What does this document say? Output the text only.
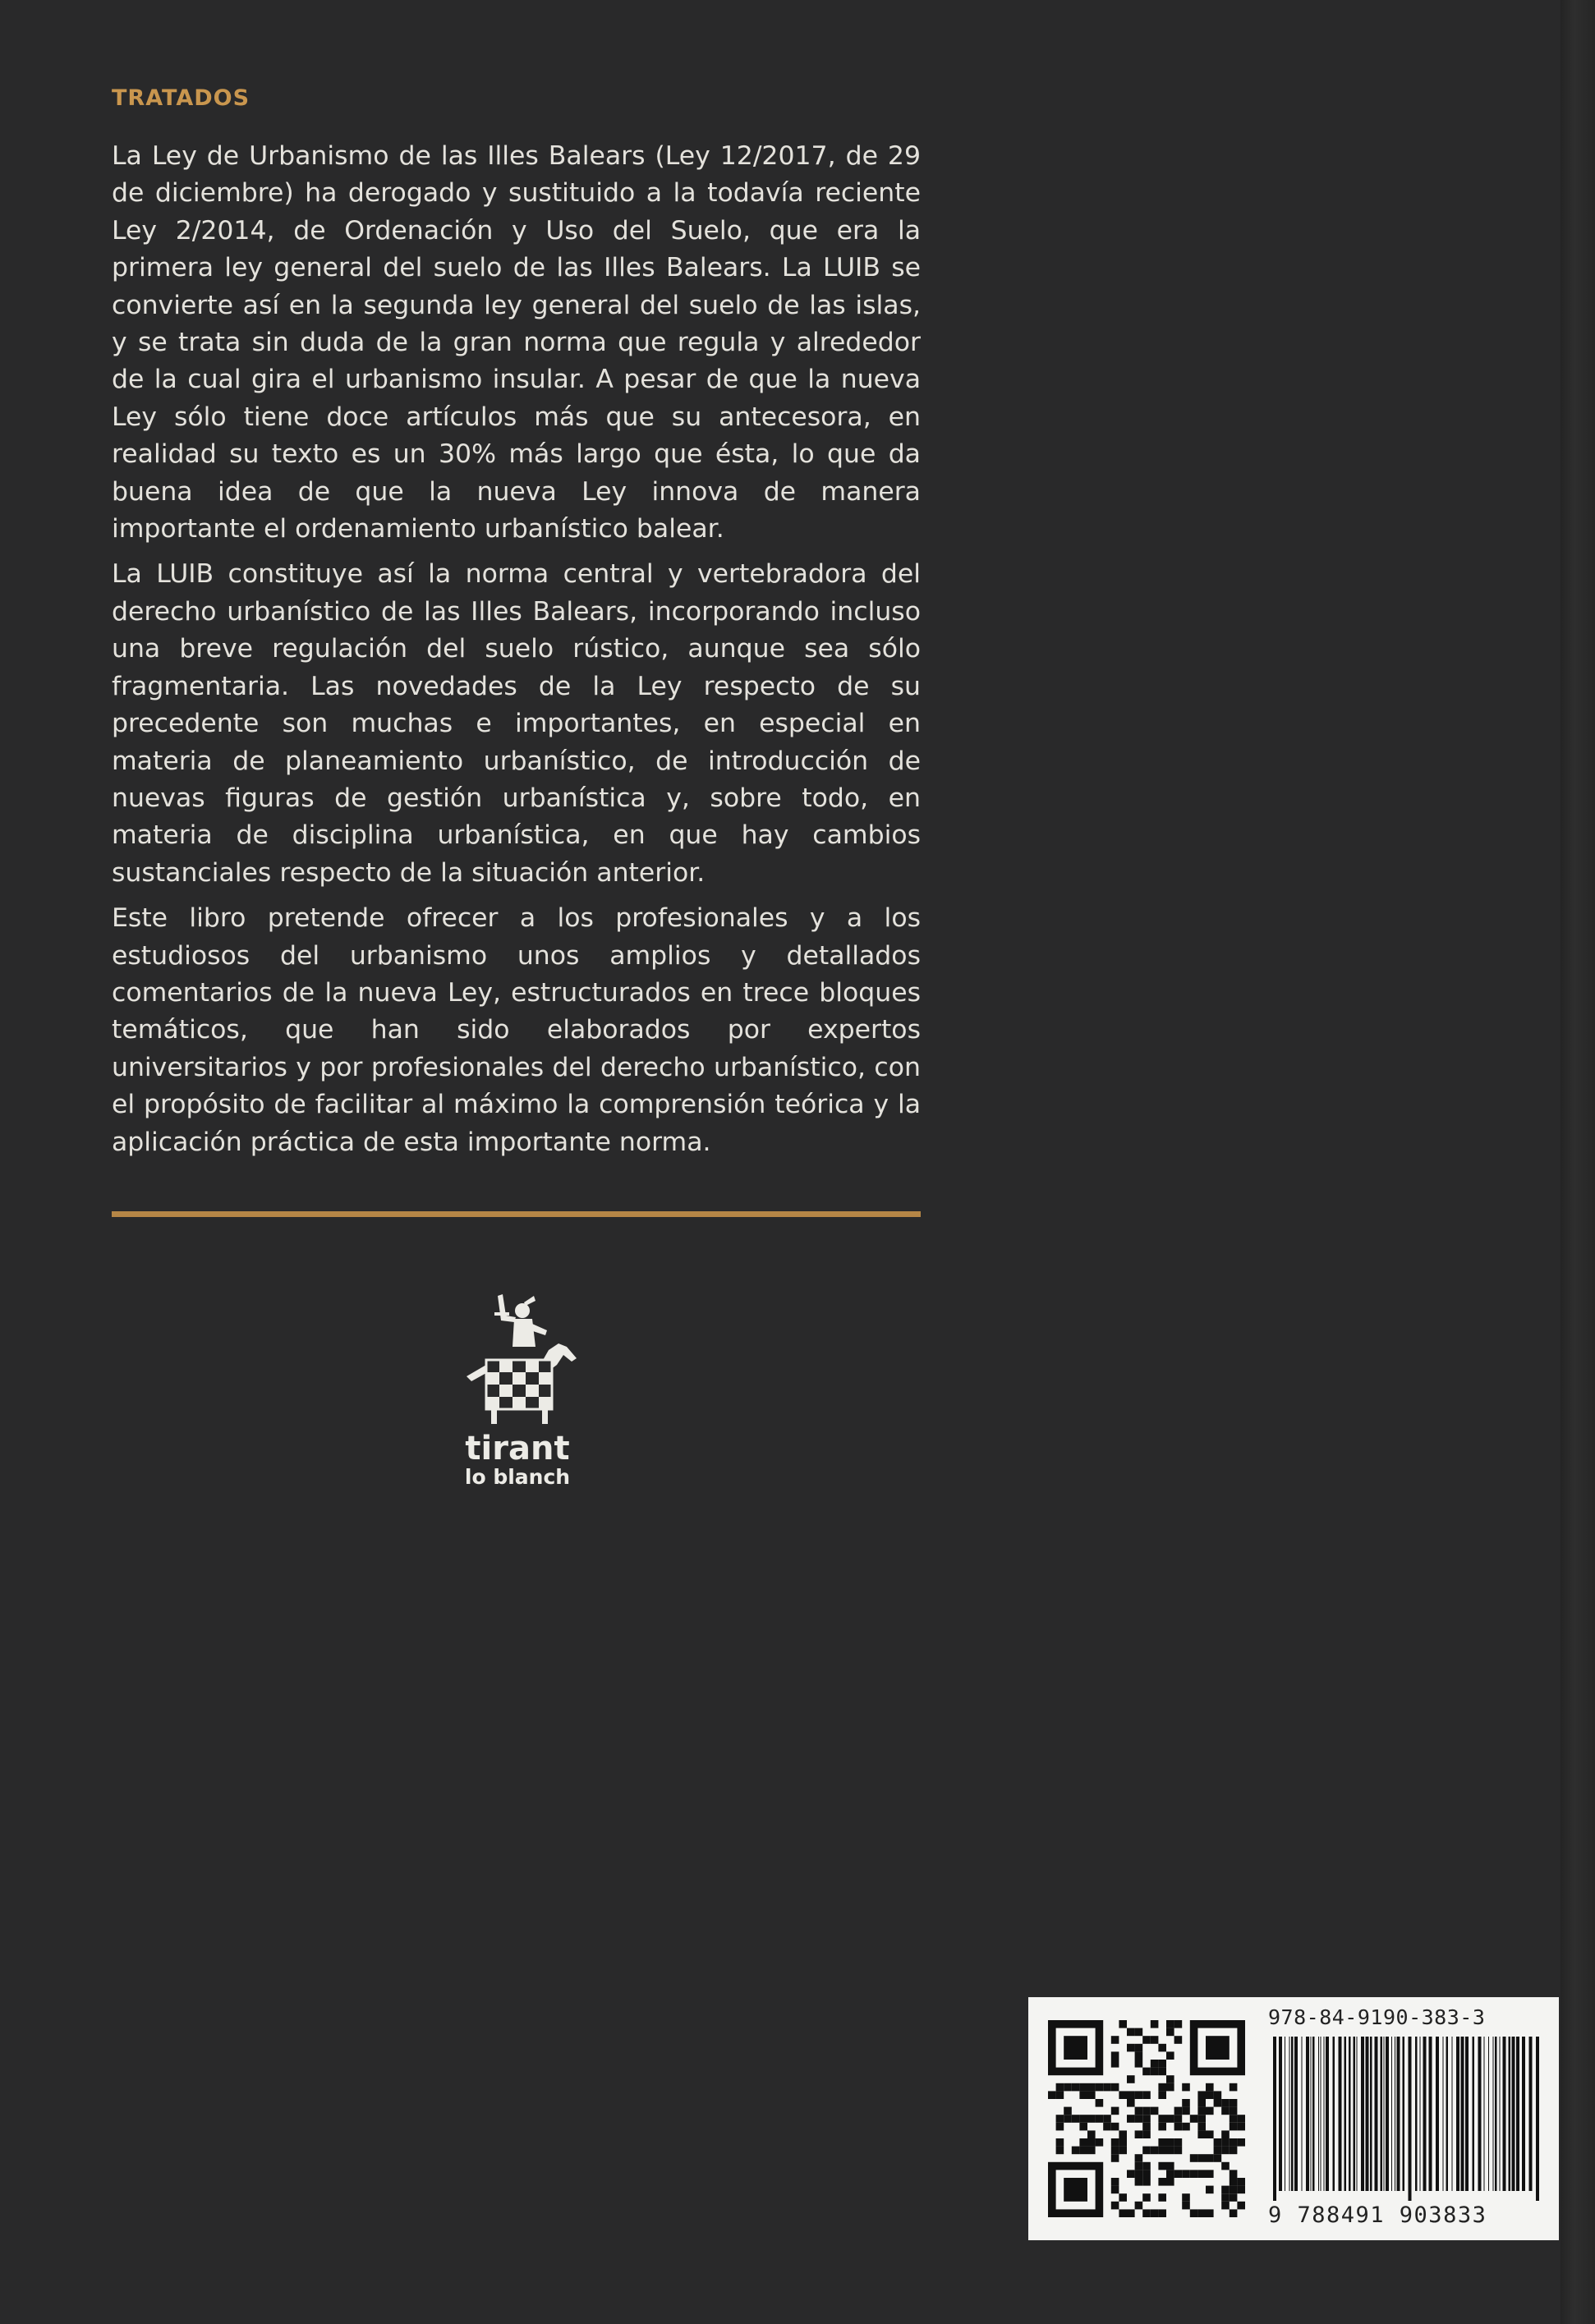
TRATADOS

La Ley de Urbanismo de las Illes Balears (Ley 12/2017, de 29 de diciembre) ha derogado y sustituido a la todavía reciente Ley 2/2014, de Ordenación y Uso del Suelo, que era la primera ley general del suelo de las Illes Balears. La LUIB se convierte así en la segunda ley general del suelo de las islas, y se trata sin duda de la gran norma que regula y alrededor de la cual gira el urbanismo insular. A pesar de que la nueva Ley sólo tiene doce artículos más que su antecesora, en realidad su texto es un 30% más largo que ésta, lo que da buena idea de que la nueva Ley innova de manera importante el ordenamiento urbanístico balear.

La LUIB constituye así la norma central y vertebradora del derecho urbanístico de las Illes Balears, incorporando incluso una breve regulación del suelo rústico, aunque sea sólo fragmentaria. Las novedades de la Ley respecto de su precedente son muchas e importantes, en especial en materia de planeamiento urbanístico, de introducción de nuevas figuras de gestión urbanística y, sobre todo, en materia de disciplina urbanística, en que hay cambios sustanciales respecto de la situación anterior.

Este libro pretende ofrecer a los profesionales y a los estudiosos del urbanismo unos amplios y detallados comentarios de la nueva Ley, estructurados en trece bloques temáticos, que han sido elaborados por expertos universitarios y por profesionales del derecho urbanístico, con el propósito de facilitar al máximo la comprensión teórica y la aplicación práctica de esta importante norma.

tirant
lo blanch
978-84-9190-383-3
9 788491 903833
